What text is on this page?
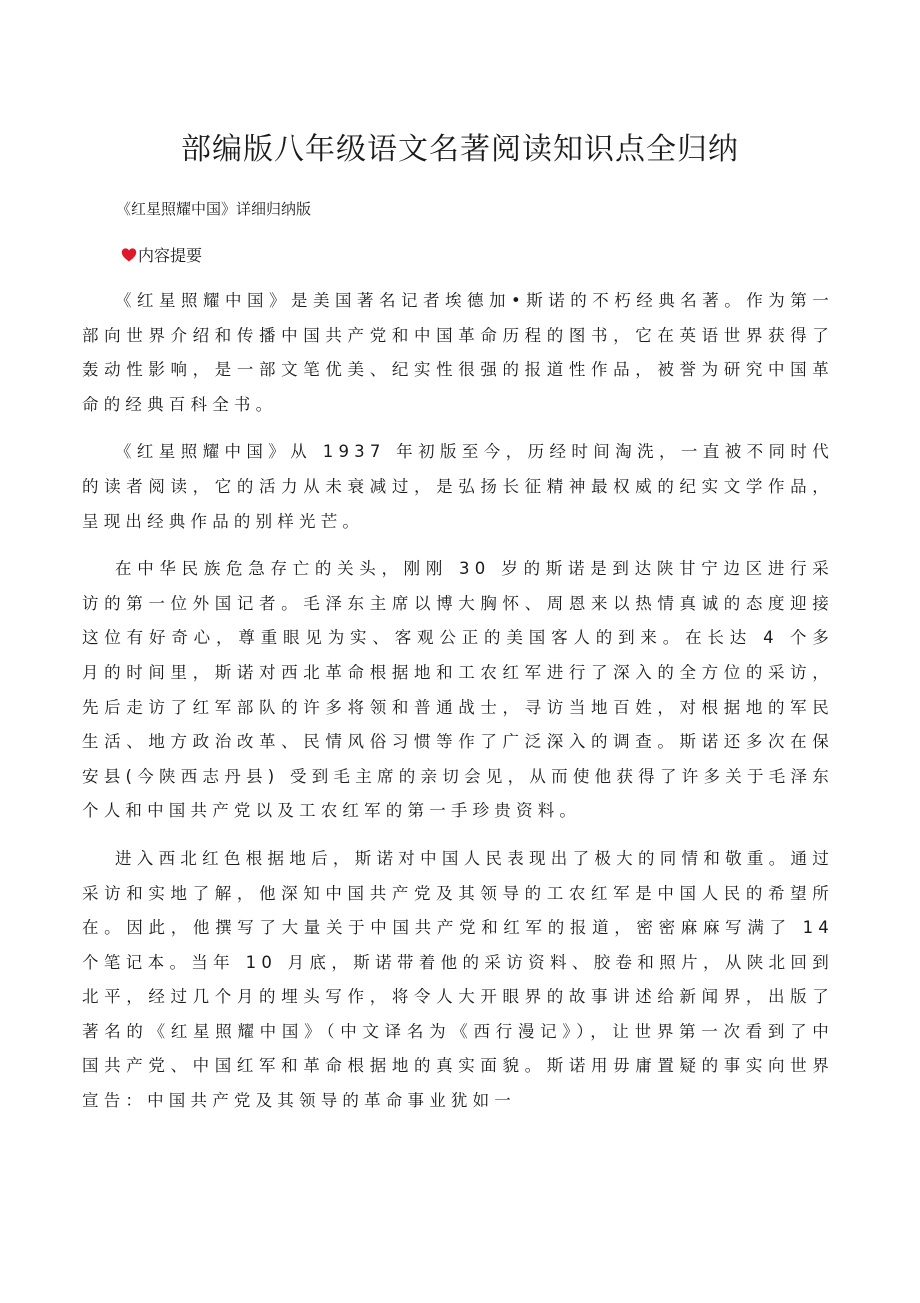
部编版八年级语文名著阅读知识点全归纳

《红星照耀中国》详细归纳版

内容提要

《红星照耀中国》是美国著名记者埃德加•斯诺的不朽经典名著。作为第一部向世界介绍和传播中国共产党和中国革命历程的图书，它在英语世界获得了轰动性影响，是一部文笔优美、纪实性很强的报道性作品，被誉为研究中国革命的经典百科全书。

《红星照耀中国》从 1937 年初版至今，历经时间淘洗，一直被不同时代的读者阅读，它的活力从未衰减过，是弘扬长征精神最权威的纪实文学作品，呈现出经典作品的别样光芒。

在中华民族危急存亡的关头，刚刚 30 岁的斯诺是到达陕甘宁边区进行采访的第一位外国记者。毛泽东主席以博大胸怀、周恩来以热情真诚的态度迎接这位有好奇心，尊重眼见为实、客观公正的美国客人的到来。在长达 4 个多月的时间里，斯诺对西北革命根据地和工农红军进行了深入的全方位的采访，先后走访了红军部队的许多将领和普通战士，寻访当地百姓，对根据地的军民生活、地方政治改革、民情风俗习惯等作了广泛深入的调查。斯诺还多次在保安县(今陕西志丹县) 受到毛主席的亲切会见，从而使他获得了许多关于毛泽东个人和中国共产党以及工农红军的第一手珍贵资料。

进入西北红色根据地后，斯诺对中国人民表现出了极大的同情和敬重。通过采访和实地了解，他深知中国共产党及其领导的工农红军是中国人民的希望所在。因此，他撰写了大量关于中国共产党和红军的报道，密密麻麻写满了 14 个笔记本。当年 10 月底，斯诺带着他的采访资料、胶卷和照片，从陕北回到北平，经过几个月的埋头写作，将令人大开眼界的故事讲述给新闻界，出版了著名的《红星照耀中国》（中文译名为《西行漫记》），让世界第一次看到了中国共产党、中国红军和革命根据地的真实面貌。斯诺用毋庸置疑的事实向世界宣告：中国共产党及其领导的革命事业犹如一
